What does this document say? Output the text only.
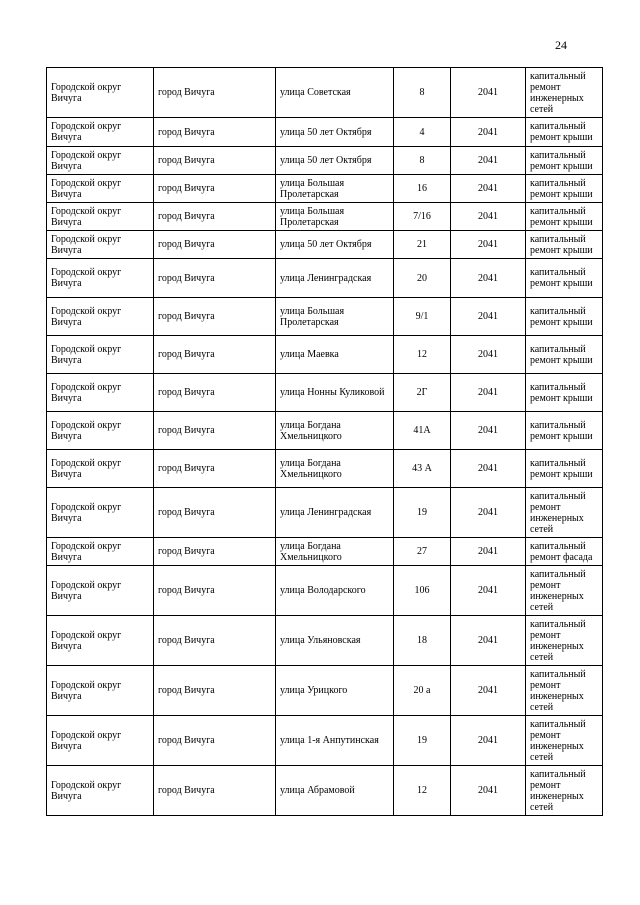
24
Городской округ Вичуга	город Вичуга	улица Советская	8	2041	капитальный ремонт инженерных сетей
Городской округ Вичуга	город Вичуга	улица 50 лет Октября	4	2041	капитальный ремонт крыши
Городской округ Вичуга	город Вичуга	улица 50 лет Октября	8	2041	капитальный ремонт крыши
Городской округ Вичуга	город Вичуга	улица Большая Пролетарская	16	2041	капитальный ремонт крыши
Городской округ Вичуга	город Вичуга	улица Большая Пролетарская	7/16	2041	капитальный ремонт крыши
Городской округ Вичуга	город Вичуга	улица 50 лет Октября	21	2041	капитальный ремонт крыши
Городской округ Вичуга	город Вичуга	улица Ленинградская	20	2041	капитальный ремонт крыши
Городской округ Вичуга	город Вичуга	улица Большая Пролетарская	9/1	2041	капитальный ремонт крыши
Городской округ Вичуга	город Вичуга	улица Маевка	12	2041	капитальный ремонт крыши
Городской округ Вичуга	город Вичуга	улица Нонны Куликовой	2Г	2041	капитальный ремонт крыши
Городской округ Вичуга	город Вичуга	улица Богдана Хмельницкого	41А	2041	капитальный ремонт крыши
Городской округ Вичуга	город Вичуга	улица Богдана Хмельницкого	43 А	2041	капитальный ремонт крыши
Городской округ Вичуга	город Вичуга	улица Ленинградская	19	2041	капитальный ремонт инженерных сетей
Городской округ Вичуга	город Вичуга	улица Богдана Хмельницкого	27	2041	капитальный ремонт фасада
Городской округ Вичуга	город Вичуга	улица Володарского	106	2041	капитальный ремонт инженерных сетей
Городской округ Вичуга	город Вичуга	улица Ульяновская	18	2041	капитальный ремонт инженерных сетей
Городской округ Вичуга	город Вичуга	улица Урицкого	20 а	2041	капитальный ремонт инженерных сетей
Городской округ Вичуга	город Вичуга	улица 1-я Анпутинская	19	2041	капитальный ремонт инженерных сетей
Городской округ Вичуга	город Вичуга	улица Абрамовой	12	2041	капитальный ремонт инженерных сетей
